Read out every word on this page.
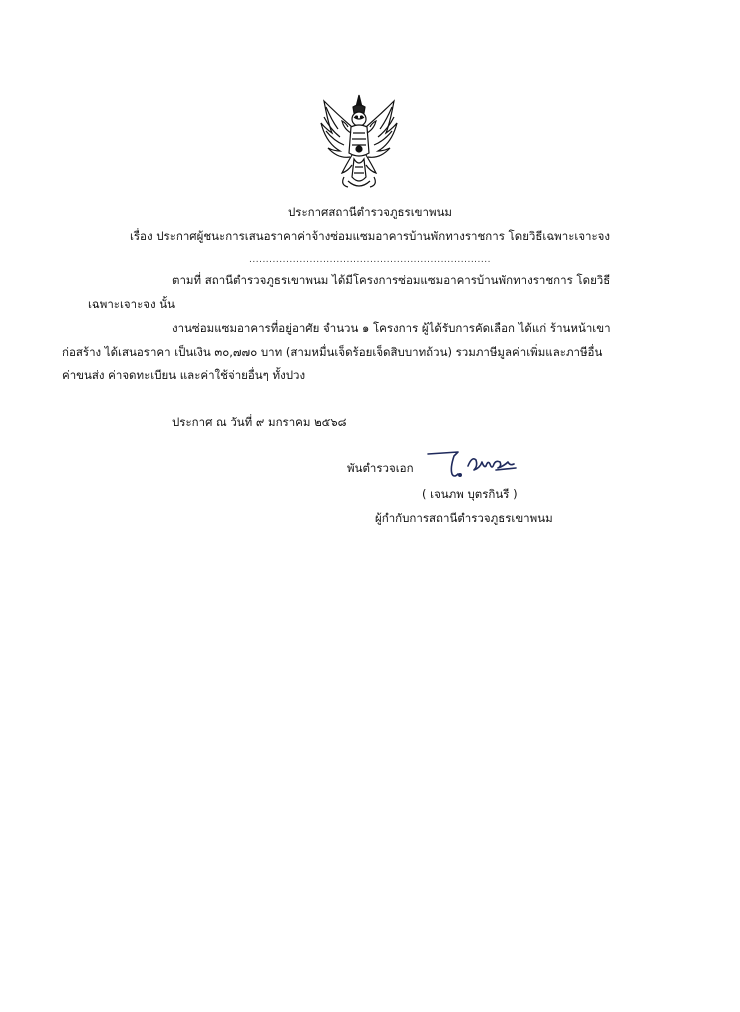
ประกาศสถานีตำรวจภูธรเขาพนม
เรื่อง ประกาศผู้ชนะการเสนอราคาค่าจ้างซ่อมแซมอาคารบ้านพักทางราชการ โดยวิธีเฉพาะเจาะจง
........................................................................
ตามที่ สถานีตำรวจภูธรเขาพนม ได้มีโครงการซ่อมแซมอาคารบ้านพักทางราชการ โดยวิธี
เฉพาะเจาะจง นั้น
งานซ่อมแซมอาคารที่อยู่อาศัย จำนวน ๑ โครงการ ผู้ได้รับการคัดเลือก ได้แก่ ร้านหน้าเขา
ก่อสร้าง ได้เสนอราคา เป็นเงิน ๓๐,๗๗๐ บาท (สามหมื่นเจ็ดร้อยเจ็ดสิบบาทถ้วน) รวมภาษีมูลค่าเพิ่มและภาษีอื่น
ค่าขนส่ง ค่าจดทะเบียน และค่าใช้จ่ายอื่นๆ ทั้งปวง
ประกาศ ณ วันที่ ๙ มกราคม ๒๕๖๘
พันตำรวจเอก
( เจนภพ บุตรกินรี )
ผู้กำกับการสถานีตำรวจภูธรเขาพนม
